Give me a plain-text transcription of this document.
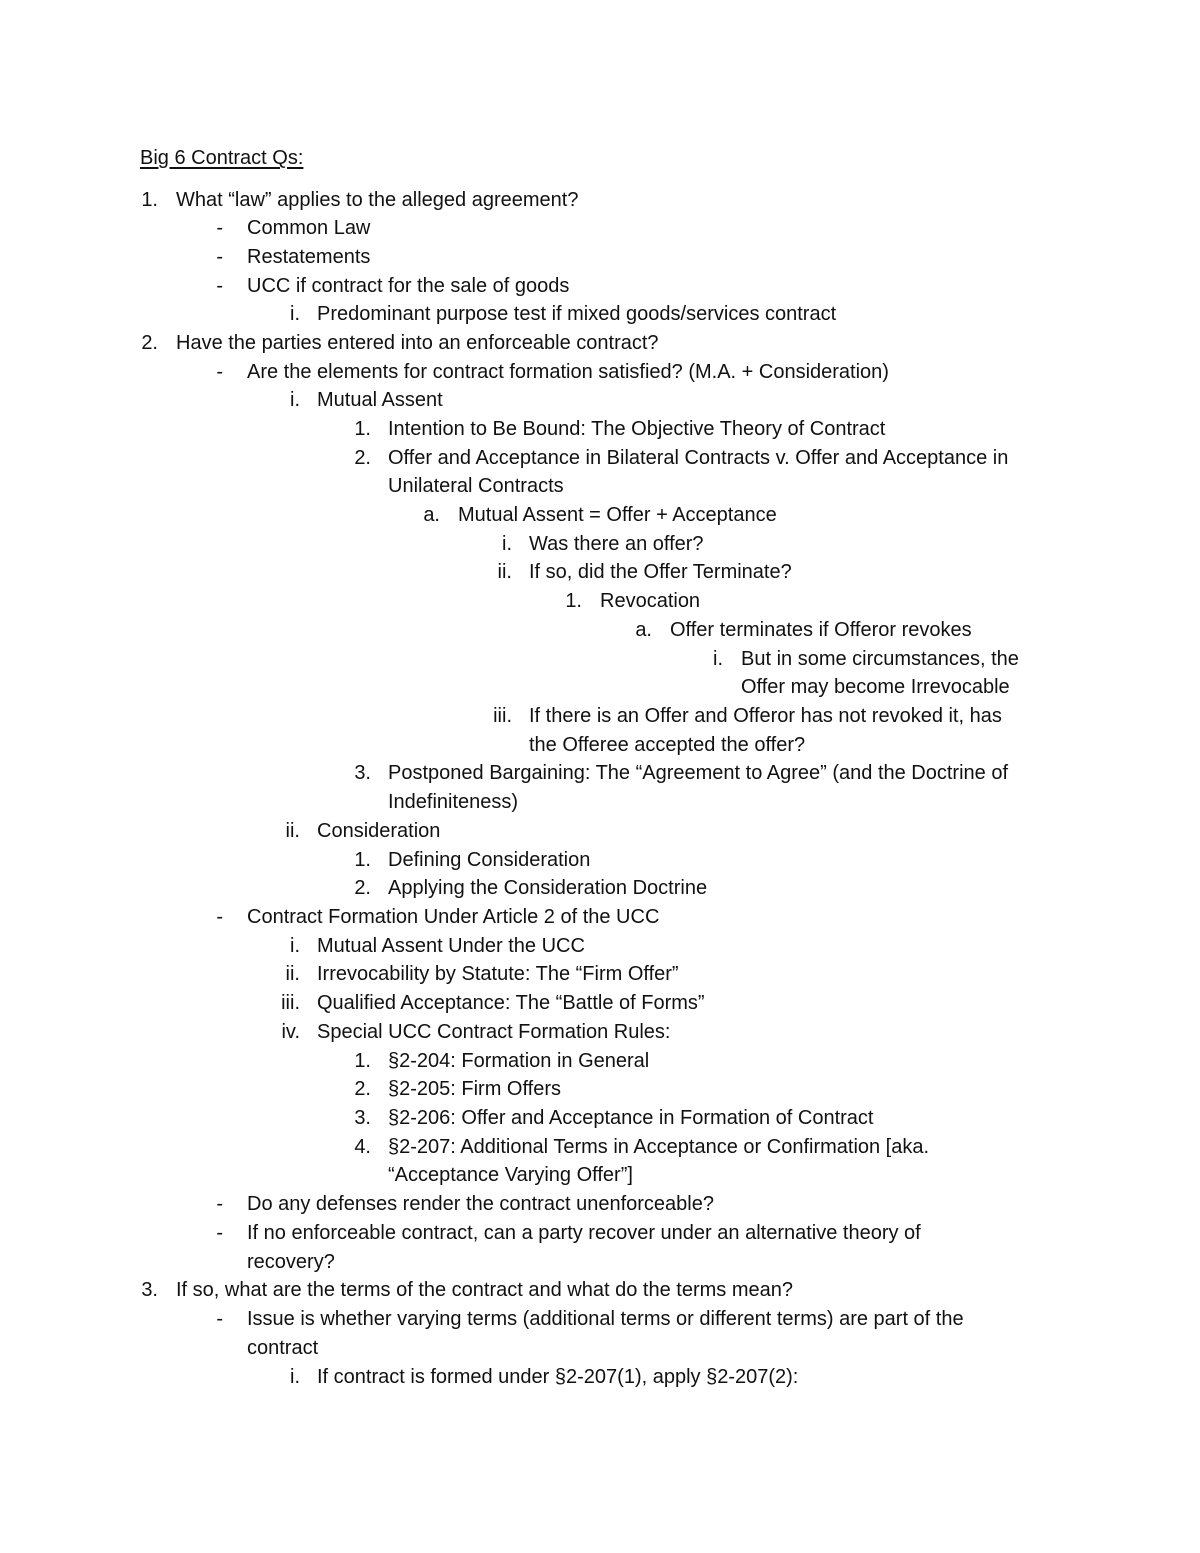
Big 6 Contract Qs:
1. What “law” applies to the alleged agreement?
- Common Law
- Restatements
- UCC if contract for the sale of goods
i. Predominant purpose test if mixed goods/services contract
2. Have the parties entered into an enforceable contract?
- Are the elements for contract formation satisfied? (M.A. + Consideration)
i. Mutual Assent
1. Intention to Be Bound: The Objective Theory of Contract
2. Offer and Acceptance in Bilateral Contracts v. Offer and Acceptance in
Unilateral Contracts
a. Mutual Assent = Offer + Acceptance
i. Was there an offer?
ii. If so, did the Offer Terminate?
1. Revocation
a. Offer terminates if Offeror revokes
i. But in some circumstances, the
Offer may become Irrevocable
iii. If there is an Offer and Offeror has not revoked it, has
the Offeree accepted the offer?
3. Postponed Bargaining: The “Agreement to Agree” (and the Doctrine of
Indefiniteness)
ii. Consideration
1. Defining Consideration
2. Applying the Consideration Doctrine
- Contract Formation Under Article 2 of the UCC
i. Mutual Assent Under the UCC
ii. Irrevocability by Statute: The “Firm Offer”
iii. Qualified Acceptance: The “Battle of Forms”
iv. Special UCC Contract Formation Rules:
1. §2-204: Formation in General
2. §2-205: Firm Offers
3. §2-206: Offer and Acceptance in Formation of Contract
4. §2-207: Additional Terms in Acceptance or Confirmation [aka.
“Acceptance Varying Offer”]
- Do any defenses render the contract unenforceable?
- If no enforceable contract, can a party recover under an alternative theory of
recovery?
3. If so, what are the terms of the contract and what do the terms mean?
- Issue is whether varying terms (additional terms or different terms) are part of the
contract
i. If contract is formed under §2-207(1), apply §2-207(2):
